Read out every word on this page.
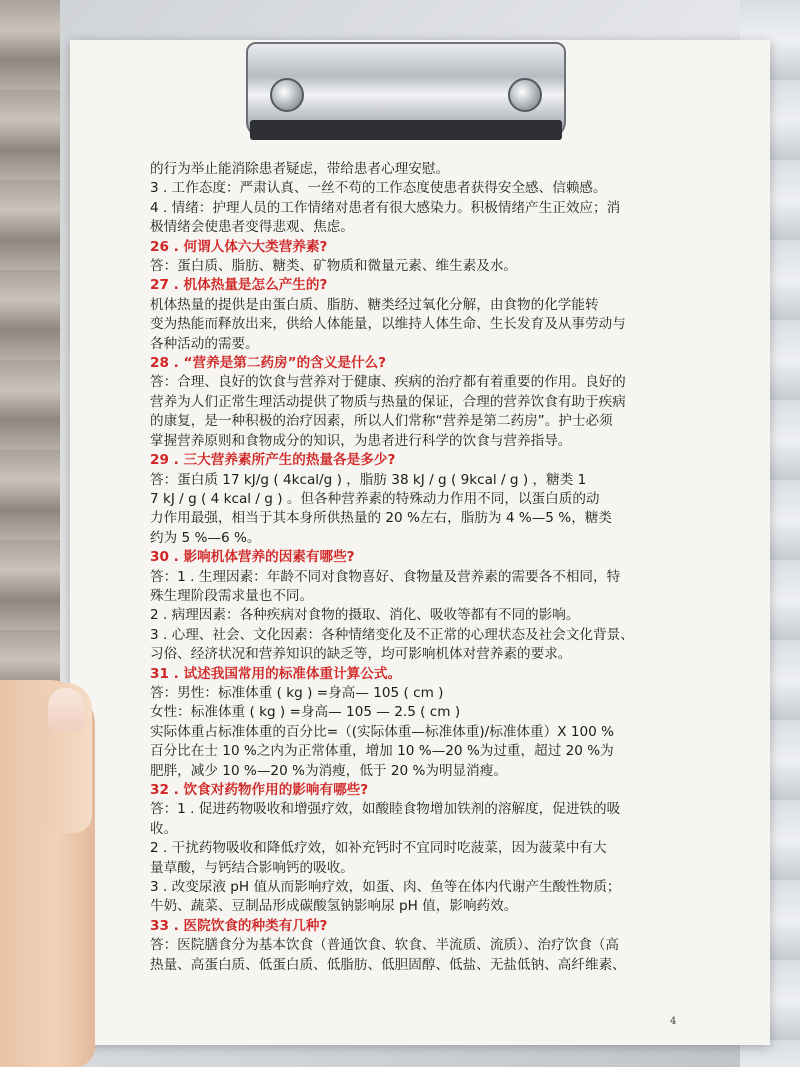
的行为举止能消除患者疑虑，带给患者心理安慰。

3 . 工作态度：严肃认真、一丝不苟的工作态度使患者获得安全感、信赖感。

4 . 情绪：护理人员的工作情绪对患者有很大感染力。积极情绪产生正效应；消

极情绪会使患者变得悲观、焦虑。

26 . 何谓人体六大类营养素?

答：蛋白质、脂肪、糖类、矿物质和微量元素、维生素及水。

27 . 机体热量是怎么产生的?

机体热量的提供是由蛋白质、脂肪、糖类经过氧化分解，由食物的化学能转

变为热能而释放出来，供给人体能量，以维持人体生命、生长发育及从事劳动与

各种活动的需要。

28 . “营养是第二药房”的含义是什么?

答：合理、良好的饮食与营养对于健康、疾病的治疗都有着重要的作用。良好的

营养为人们正常生理活动提供了物质与热量的保证，合理的营养饮食有助于疾病

的康复，是一种积极的治疗因素，所以人们常称“营养是第二药房”。护士必须

掌握营养原则和食物成分的知识，为患者进行科学的饮食与营养指导。

29 . 三大营养素所产生的热量各是多少?

答：蛋白质 17 kJ/g ( 4kcal/g ) ，脂肪 38 kJ / g ( 9kcal / g ) ，糖类 1

7 kJ / g ( 4 kcal / g ) 。但各种营养素的特殊动力作用不同，以蛋白质的动

力作用最强，相当于其本身所供热量的 20 %左右，脂肪为 4 %—5 %，糖类

约为 5 %—6 %。

30 . 影响机体营养的因素有哪些?

答：1 . 生理因素：年龄不同对食物喜好、食物量及营养素的需要各不相同，特

殊生理阶段需求量也不同。

2 . 病理因素：各种疾病对食物的摄取、消化、吸收等都有不同的影响。

3 . 心理、社会、文化因素：各种情绪变化及不正常的心理状态及社会文化背景、

习俗、经济状况和营养知识的缺乏等，均可影响机体对营养素的要求。

31 . 试述我国常用的标准体重计算公式。

答：男性：标准体重 ( kg ) =身高— 105 ( cm )

女性：标准体重 ( kg ) =身高— 105 — 2.5 ( cm )

实际体重占标准体重的百分比=（(实际体重—标准体重)/标准体重）X 100 %

百分比在士 10 %之内为正常体重，增加 10 %—20 %为过重，超过 20 %为

肥胖，减少 10 %—20 %为消瘦，低于 20 %为明显消瘦。

32 . 饮食对药物作用的影响有哪些?

答：1 . 促进药物吸收和增强疗效，如酸睦食物增加铁剂的溶解度，促进铁的吸

收。

2 . 干扰药物吸收和降低疗效，如补充钙时不宜同时吃菠菜，因为菠菜中有大

量草酸，与钙结合影响钙的吸收。

3 . 改变尿液 pH 值从而影响疗效，如蛋、肉、鱼等在体内代谢产生酸性物质；

牛奶、蔬菜、豆制品形成碳酸氢钠影响尿 pH 值，影响药效。

33 . 医院饮食的种类有几种?

答：医院膳食分为基本饮食（普通饮食、软食、半流质、流质）、治疗饮食（高

热量、高蛋白质、低蛋白质、低脂肪、低胆固醇、低盐、无盐低钠、高纤维素、

4
